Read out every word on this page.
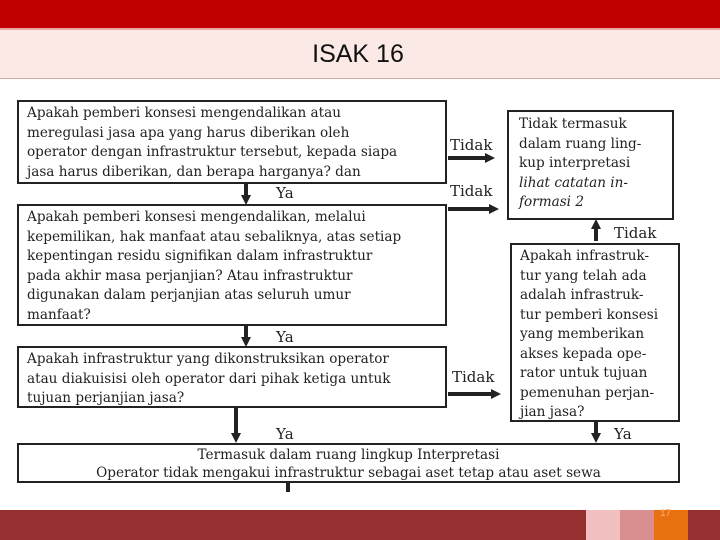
ISAK 16

Apakah pemberi konsesi mengendalikan atau

meregulasi jasa apa yang harus diberikan oleh

operator dengan infrastruktur tersebut, kepada siapa

jasa harus diberikan, dan berapa harganya? dan

Apakah pemberi konsesi mengendalikan, melalui

kepemilikan, hak manfaat atau sebaliknya, atas setiap

kepentingan residu signifikan dalam infrastruktur

pada akhir masa perjanjian? Atau infrastruktur

digunakan dalam perjanjian atas seluruh umur

manfaat?

Apakah infrastruktur yang dikonstruksikan operator

atau diakuisisi oleh operator dari pihak ketiga untuk

tujuan perjanjian jasa?

Tidak termasuk

dalam ruang ling-

kup interpretasi

lihat catatan in-

formasi 2

Apakah infrastruk-

tur yang telah ada

adalah infrastruk-

tur pemberi konsesi

yang memberikan

akses kepada ope-

rator untuk tujuan

pemenuhan perjan-

jian jasa?

Termasuk dalam ruang lingkup Interpretasi

Operator tidak mengakui infrastruktur sebagai aset tetap atau aset sewa

Ya
Ya
Ya	Ya
Tidak
Tidak
Tidak
Tidak
17
